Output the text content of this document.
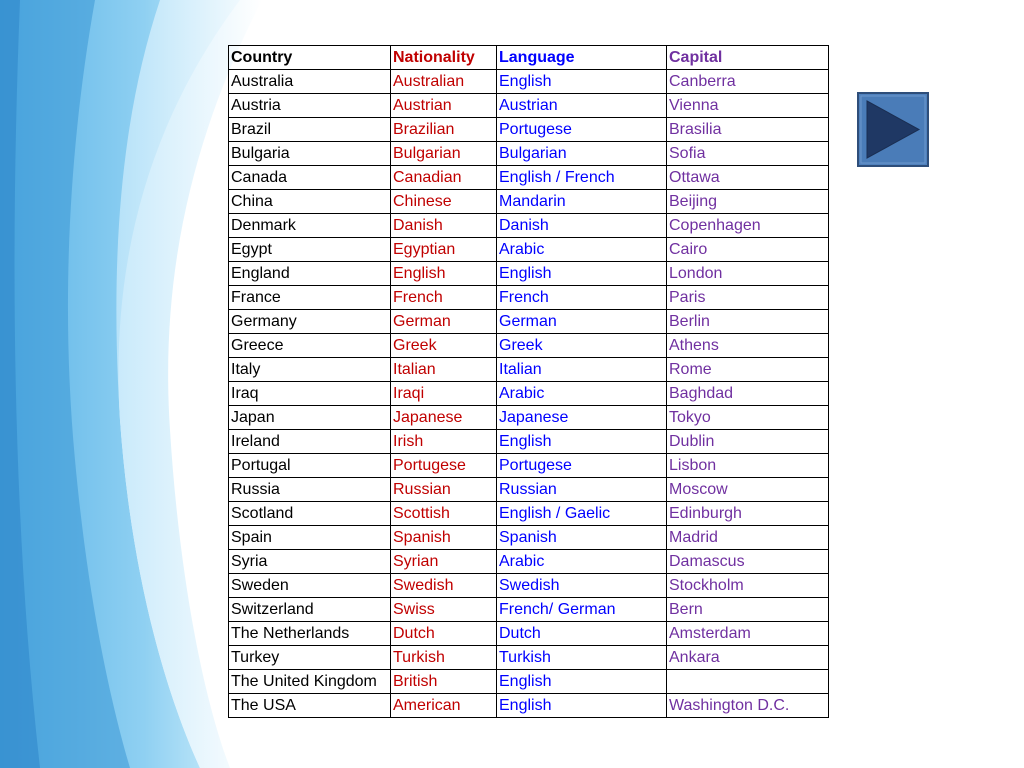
Country	Nationality	Language	Capital
Australia	Australian	English	Canberra
Austria	Austrian	Austrian	Vienna
Brazil	Brazilian	Portugese	Brasilia
Bulgaria	Bulgarian	Bulgarian	Sofia
Canada	Canadian	English / French	Ottawa
China	Chinese	Mandarin	Beijing
Denmark	Danish	Danish	Copenhagen
Egypt	Egyptian	Arabic	Cairo
England	English	English	London
France	French	French	Paris
Germany	German	German	Berlin
Greece	Greek	Greek	Athens
Italy	Italian	Italian	Rome
Iraq	Iraqi	Arabic	Baghdad
Japan	Japanese	Japanese	Tokyo
Ireland	Irish	English	Dublin
Portugal	Portugese	Portugese	Lisbon
Russia	Russian	Russian	Moscow
Scotland	Scottish	English / Gaelic	Edinburgh
Spain	Spanish	Spanish	Madrid
Syria	Syrian	Arabic	Damascus
Sweden	Swedish	Swedish	Stockholm
Switzerland	Swiss	French/ German	Bern
The Netherlands	Dutch	Dutch	Amsterdam
Turkey	Turkish	Turkish	Ankara
The United Kingdom	British	English	
The USA	American	English	Washington D.C.
